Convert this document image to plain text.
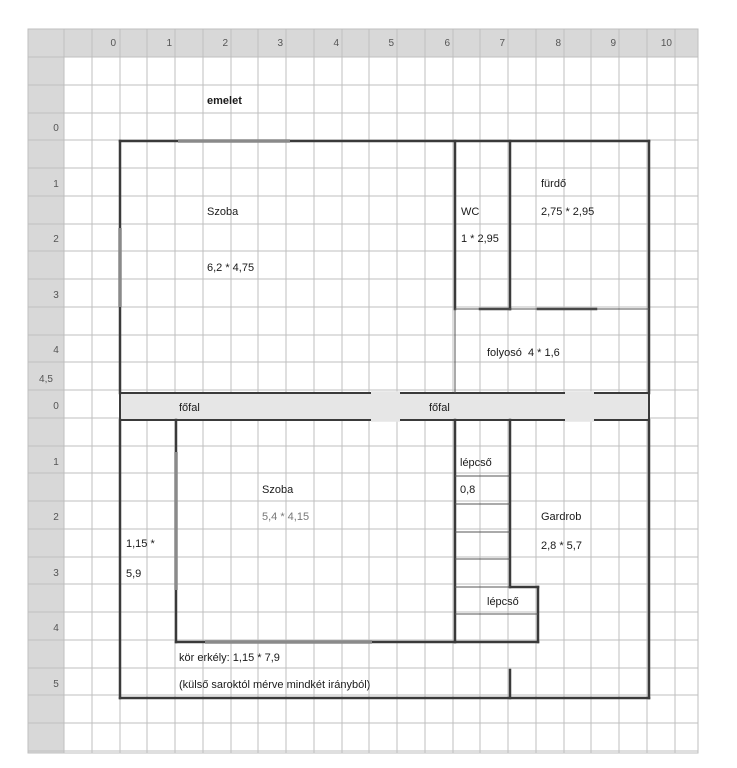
0	1	2	3	4	5	6	7	8	9	10
0
1
2
3
4
4,5
0
1
2
3
4
5
emelet
Szoba
6,2 * 4,75
WC
1 * 2,95
fürdő
2,75 * 2,95
folyosó  4 * 1,6
főfal	főfal
Szoba
5,4 * 4,15
1,15 *
5,9
lépcső
0,8
lépcső
Gardrob
2,8 * 5,7
kör erkély: 1,15 * 7,9
(külső saroktól mérve mindkét irányból)
